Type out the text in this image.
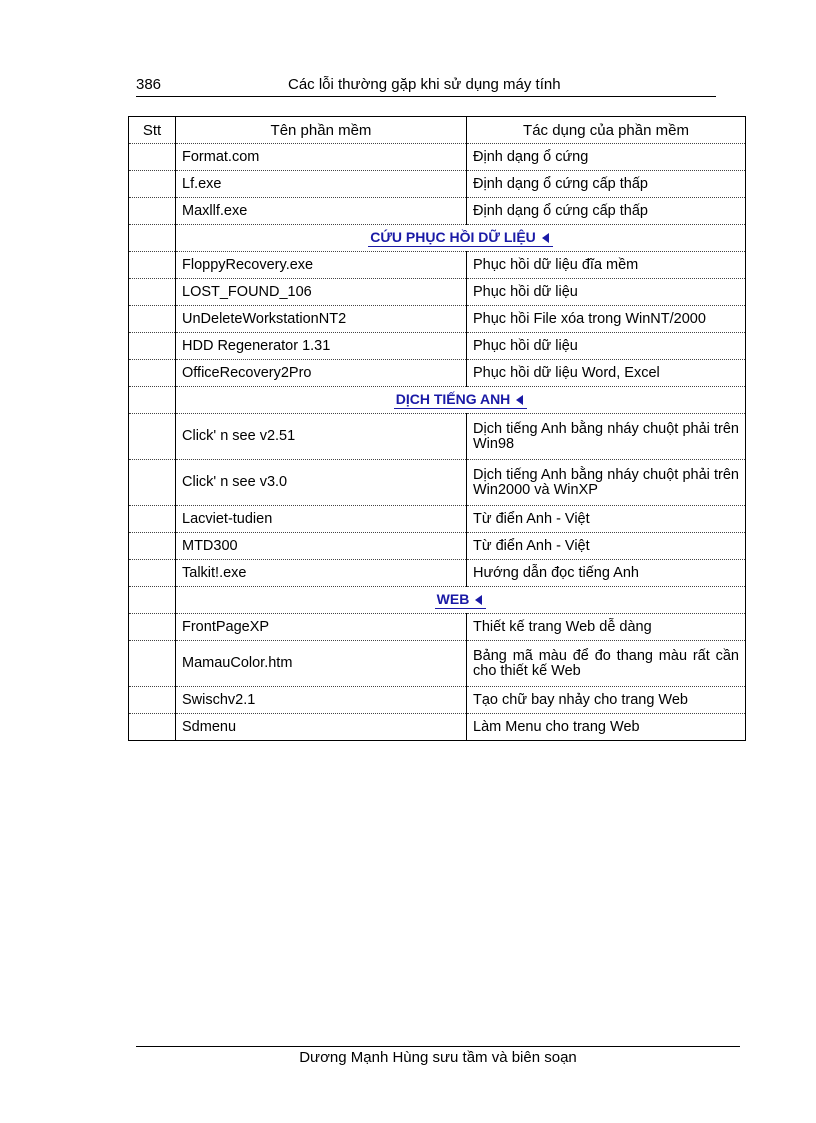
386	Các lỗi thường gặp khi sử dụng máy tính
Stt	Tên phần mềm	Tác dụng của phần mềm
	Format.com	Định dạng ổ cứng
	Lf.exe	Định dạng ổ cứng cấp thấp
	Maxllf.exe	Định dạng ổ cứng cấp thấp
	CỨU PHỤC HỒI DỮ LIỆU	
	FloppyRecovery.exe	Phục hồi dữ liệu đĩa mềm
	LOST_FOUND_106	Phục hồi dữ liệu
	UnDeleteWorkstationNT2	Phục hồi File xóa trong WinNT/2000
	HDD Regenerator 1.31	Phục hồi dữ liệu
	OfficeRecovery2Pro	Phục hồi dữ liệu Word, Excel
	DỊCH TIẾNG ANH	
	Click' n see v2.51	Dịch tiếng Anh bằng nháy chuột phải trên Win98
	Click' n see v3.0	Dịch tiếng Anh bằng nháy chuột phải trên Win2000 và WinXP
	Lacviet-tudien	Từ điển Anh - Việt
	MTD300	Từ điển Anh - Việt
	Talkit!.exe	Hướng dẫn đọc tiếng Anh
	WEB	
	FrontPageXP	Thiết kế trang Web dễ dàng
	MamauColor.htm	Bảng mã màu để đo thang màu rất cần cho thiết kế Web
	Swischv2.1	Tạo chữ bay nhảy cho trang Web
	Sdmenu	Làm Menu cho trang Web
Dương Mạnh Hùng sưu tầm và biên soạn
